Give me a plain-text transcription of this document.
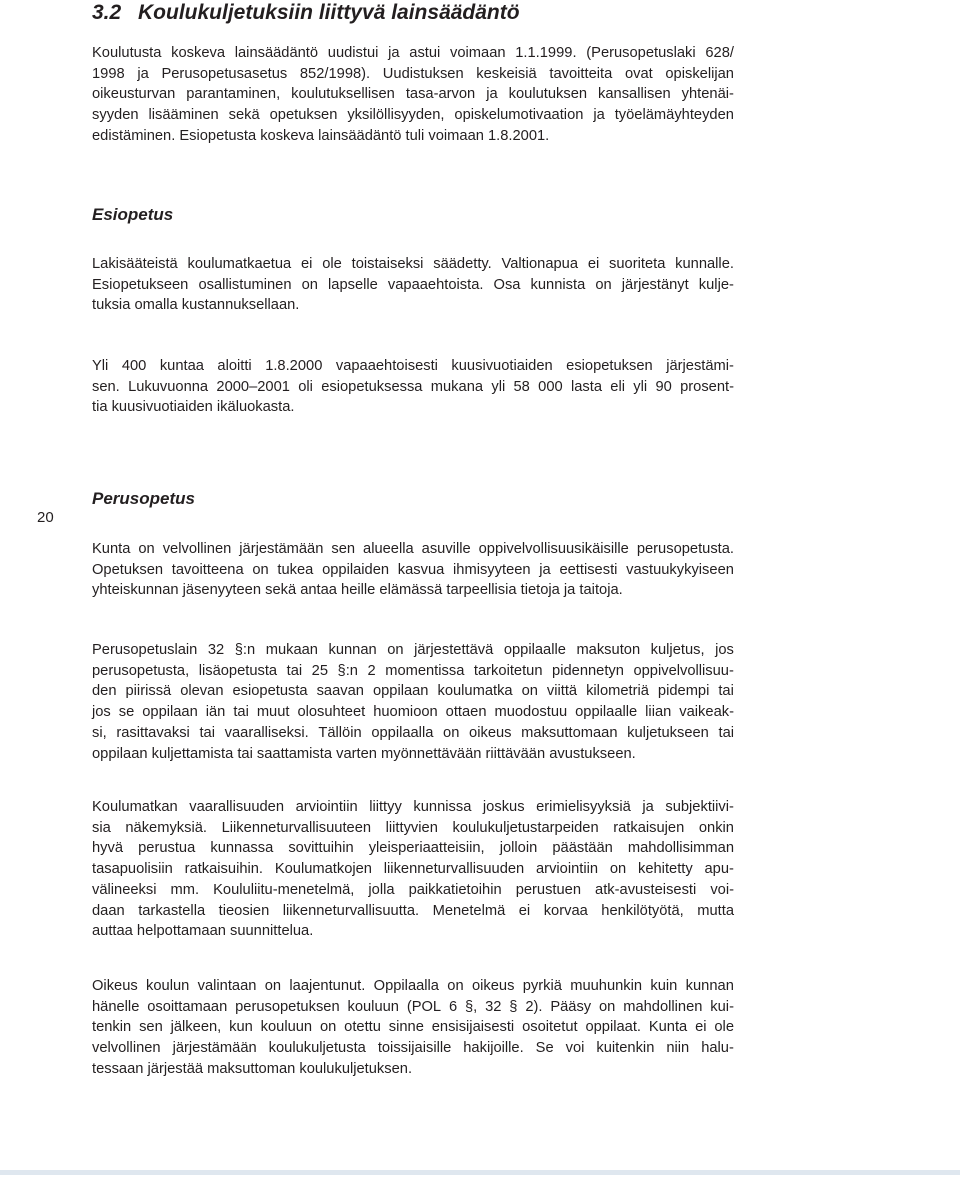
3.2 Koulukuljetuksiin liittyvä lainsäädäntö
Koulutusta koskeva lainsäädäntö uudistui ja astui voimaan 1.1.1999. (Perusopetuslaki 628/
1998 ja Perusopetusasetus 852/1998). Uudistuksen keskeisiä tavoitteita ovat opiskelijan
oikeusturvan parantaminen, koulutuksellisen tasa-arvon ja koulutuksen kansallisen yhtenäi-
syyden lisääminen sekä opetuksen yksilöllisyyden, opiskelumotivaation ja työelämäyhteyden
edistäminen. Esiopetusta koskeva lainsäädäntö tuli voimaan 1.8.2001.
Esiopetus
Lakisääteistä koulumatkaetua ei ole toistaiseksi säädetty. Valtionapua ei suoriteta kunnalle.
Esiopetukseen osallistuminen on lapselle vapaaehtoista. Osa kunnista on järjestänyt kulje-
tuksia omalla kustannuksellaan.
Yli 400 kuntaa aloitti 1.8.2000 vapaaehtoisesti kuusivuotiaiden esiopetuksen järjestämi-
sen. Lukuvuonna 2000–2001 oli esiopetuksessa mukana yli 58 000 lasta eli yli 90 prosent-
tia kuusivuotiaiden ikäluokasta.
20
Perusopetus
Kunta on velvollinen järjestämään sen alueella asuville oppivelvollisuusikäisille perusopetusta.
Opetuksen tavoitteena on tukea oppilaiden kasvua ihmisyyteen ja eettisesti vastuukykyiseen
yhteiskunnan jäsenyyteen sekä antaa heille elämässä tarpeellisia tietoja ja taitoja.
Perusopetuslain 32 §:n mukaan kunnan on järjestettävä oppilaalle maksuton kuljetus, jos
perusopetusta, lisäopetusta tai 25 §:n 2 momentissa tarkoitetun pidennetyn oppivelvollisuu-
den piirissä olevan esiopetusta saavan oppilaan koulumatka on viittä kilometriä pidempi tai
jos se oppilaan iän tai muut olosuhteet huomioon ottaen muodostuu oppilaalle liian vaikeak-
si, rasittavaksi tai vaaralliseksi. Tällöin oppilaalla on oikeus maksuttomaan kuljetukseen tai
oppilaan kuljettamista tai saattamista varten myönnettävään riittävään avustukseen.
Koulumatkan vaarallisuuden arviointiin liittyy kunnissa joskus erimielisyyksiä ja subjektiivi-
sia näkemyksiä. Liikenneturvallisuuteen liittyvien koulukuljetustarpeiden ratkaisujen onkin
hyvä perustua kunnassa sovittuihin yleisperiaatteisiin, jolloin päästään mahdollisimman
tasapuolisiin ratkaisuihin. Koulumatkojen liikenneturvallisuuden arviointiin on kehitetty apu-
välineeksi mm. Koululiitu-menetelmä, jolla paikkatietoihin perustuen atk-avusteisesti voi-
daan tarkastella tieosien liikenneturvallisuutta. Menetelmä ei korvaa henkilötyötä, mutta
auttaa helpottamaan suunnittelua.
Oikeus koulun valintaan on laajentunut. Oppilaalla on oikeus pyrkiä muuhunkin kuin kunnan
hänelle osoittamaan perusopetuksen kouluun (POL 6 §, 32 § 2). Pääsy on mahdollinen kui-
tenkin sen jälkeen, kun kouluun on otettu sinne ensisijaisesti osoitetut oppilaat. Kunta ei ole
velvollinen järjestämään koulukuljetusta toissijaisille hakijoille. Se voi kuitenkin niin halu-
tessaan järjestää maksuttoman koulukuljetuksen.
